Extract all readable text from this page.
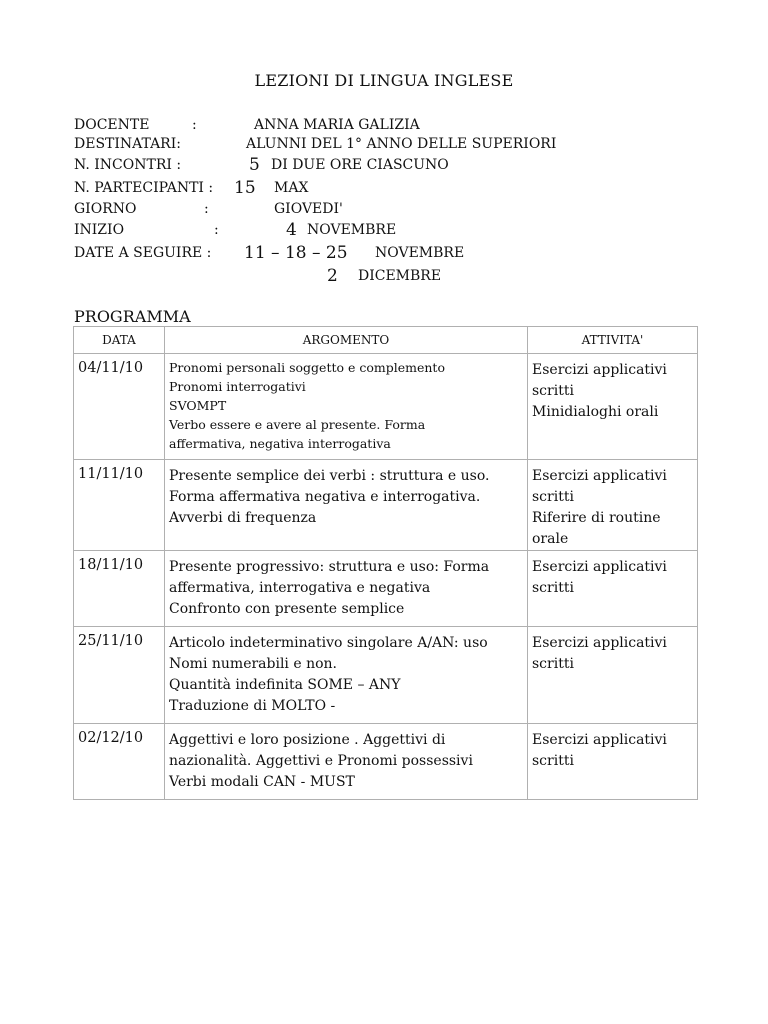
LEZIONI DI LINGUA INGLESE
DOCENTE	:	ANNA MARIA GALIZIA
DESTINATARI:	ALUNNI DEL 1° ANNO DELLE SUPERIORI
N. INCONTRI :	5 DI DUE ORE CIASCUNO
N. PARTECIPANTI : 15 MAX
GIORNO	:	GIOVEDI'
INIZIO	:	4 NOVEMBRE
DATE A SEGUIRE : 11 – 18 – 25 NOVEMBRE
2 DICEMBRE
PROGRAMMA
DATA	ARGOMENTO	ATTIVITA'
04/11/10	Pronomi personali soggetto e complemento
Pronomi interrogativi
SVOMPT
Verbo essere e avere al presente. Forma
affermativa, negativa interrogativa	Esercizi applicativi
scritti
Minidialoghi orali

11/11/10	Presente semplice dei verbi : struttura e uso.
Forma affermativa negativa e interrogativa.
Avverbi di frequenza	Esercizi applicativi
scritti
Riferire di routine
orale

18/11/10	Presente progressivo: struttura e uso: Forma
affermativa, interrogativa e negativa
Confronto con presente semplice	Esercizi applicativi
scritti

25/11/10	Articolo indeterminativo singolare A/AN: uso
Nomi numerabili e non.
Quantità indefinita SOME – ANY
Traduzione di MOLTO -	Esercizi applicativi
scritti

02/12/10	Aggettivi e loro posizione . Aggettivi di
nazionalità. Aggettivi e Pronomi possessivi
Verbi modali CAN - MUST	Esercizi applicativi
scritti
